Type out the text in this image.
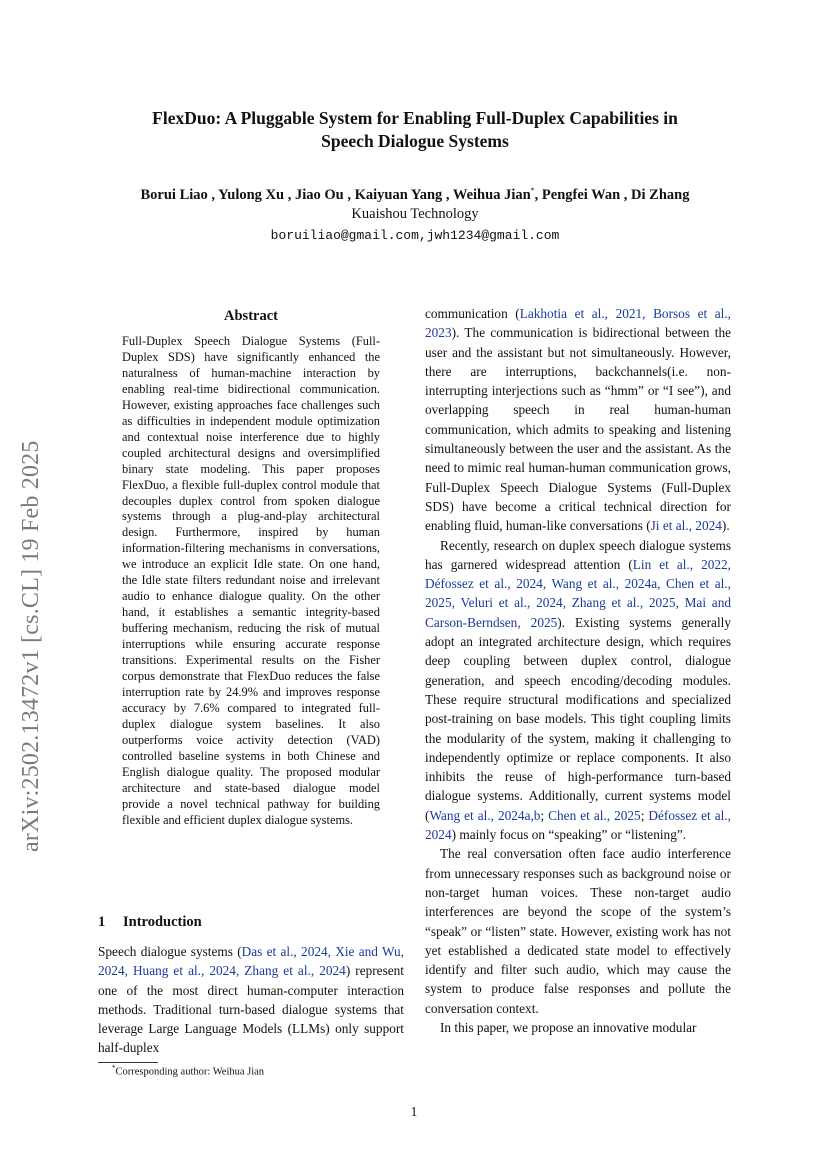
arXiv:2502.13472v1 [cs.CL] 19 Feb 2025
FlexDuo: A Pluggable System for Enabling Full-Duplex Capabilities in
Speech Dialogue Systems
Borui Liao , Yulong Xu , Jiao Ou , Kaiyuan Yang , Weihua Jian*, Pengfei Wan , Di Zhang
Kuaishou Technology
boruiliao@gmail.com,jwh1234@gmail.com
Abstract
Full-Duplex Speech Dialogue Systems (Full-Duplex SDS) have significantly enhanced the naturalness of human-machine interaction by enabling real-time bidirectional communication. However, existing approaches face challenges such as difficulties in independent module optimization and contextual noise interference due to highly coupled architectural designs and oversimplified binary state modeling. This paper proposes FlexDuo, a flexible full-duplex control module that decouples duplex control from spoken dialogue systems through a plug-and-play architectural design. Furthermore, inspired by human information-filtering mechanisms in conversations, we introduce an explicit Idle state. On one hand, the Idle state filters redundant noise and irrelevant audio to enhance dialogue quality. On the other hand, it establishes a semantic integrity-based buffering mechanism, reducing the risk of mutual interruptions while ensuring accurate response transitions. Experimental results on the Fisher corpus demonstrate that FlexDuo reduces the false interruption rate by 24.9% and improves response accuracy by 7.6% compared to integrated full-duplex dialogue system baselines. It also outperforms voice activity detection (VAD) controlled baseline systems in both Chinese and English dialogue quality. The proposed modular architecture and state-based dialogue model provide a novel technical pathway for building flexible and efficient duplex dialogue systems.
1 Introduction
Speech dialogue systems (Das et al., 2024, Xie and Wu, 2024, Huang et al., 2024, Zhang et al., 2024) represent one of the most direct human-computer interaction methods. Traditional turn-based dialogue systems that leverage Large Language Models (LLMs) only support half-duplex
*Corresponding author: Weihua Jian

communication (Lakhotia et al., 2021, Borsos et al., 2023). The communication is bidirectional between the user and the assistant but not simultaneously. However, there are interruptions, backchannels(i.e. non-interrupting interjections such as “hmm” or “I see”), and overlapping speech in real human-human communication, which admits to speaking and listening simultaneously between the user and the assistant. As the need to mimic real human-human communication grows, Full-Duplex Speech Dialogue Systems (Full-Duplex SDS) have become a critical technical direction for enabling fluid, human-like conversations (Ji et al., 2024).

Recently, research on duplex speech dialogue systems has garnered widespread attention (Lin et al., 2022, Défossez et al., 2024, Wang et al., 2024a, Chen et al., 2025, Veluri et al., 2024, Zhang et al., 2025, Mai and Carson-Berndsen, 2025). Existing systems generally adopt an integrated architecture design, which requires deep coupling between duplex control, dialogue generation, and speech encoding/decoding modules. These require structural modifications and specialized post-training on base models. This tight coupling limits the modularity of the system, making it challenging to independently optimize or replace components. It also inhibits the reuse of high-performance turn-based dialogue systems. Additionally, current systems model (Wang et al., 2024a,b; Chen et al., 2025; Défossez et al., 2024) mainly focus on “speaking” or “listening”.

The real conversation often face audio interference from unnecessary responses such as background noise or non-target human voices. These non-target audio interferences are beyond the scope of the system’s “speak” or “listen” state. However, existing work has not yet established a dedicated state model to effectively identify and filter such audio, which may cause the system to produce false responses and pollute the conversation context.

In this paper, we propose an innovative modular

1
